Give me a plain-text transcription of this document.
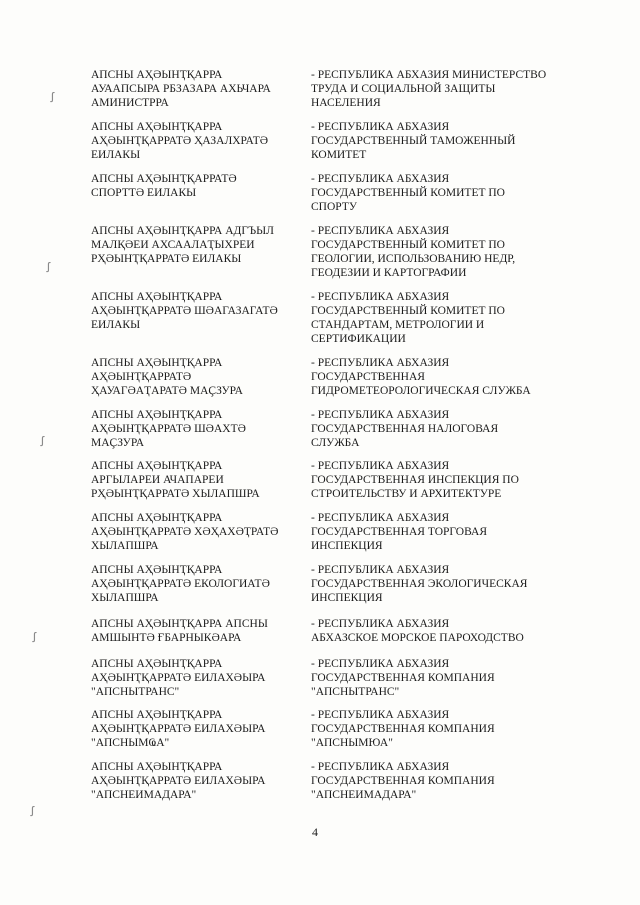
АПСНЫ АҲӘЫНҬҚАРРА
АУААПСЫРА РБЗАЗАРА АХЬЧАРА
АМИНИСТРРА
- РЕСПУБЛИКА АБХАЗИЯ МИНИСТЕРСТВО
ТРУДА И СОЦИАЛЬНОЙ ЗАЩИТЫ
НАСЕЛЕНИЯ
АПСНЫ АҲӘЫНҬҚАРРА
АҲӘЫНҬҚАРРАТӘ ҲАЗАЛХРАТӘ
ЕИЛАКЫ
- РЕСПУБЛИКА АБХАЗИЯ
ГОСУДАРСТВЕННЫЙ ТАМОЖЕННЫЙ
КОМИТЕТ
АПСНЫ АҲӘЫНҬҚАРРАТӘ
СПОРТТӘ ЕИЛАКЫ
- РЕСПУБЛИКА АБХАЗИЯ
ГОСУДАРСТВЕННЫЙ КОМИТЕТ ПО
СПОРТУ
АПСНЫ АҲӘЫНҬҚАРРА АДГЪЫЛ
МАЛҚӘЕИ АХСААЛАҬЫХРЕИ
РҲӘЫНҬҚАРРАТӘ ЕИЛАКЫ
- РЕСПУБЛИКА АБХАЗИЯ
ГОСУДАРСТВЕННЫЙ КОМИТЕТ ПО
ГЕОЛОГИИ, ИСПОЛЬЗОВАНИЮ НЕДР,
ГЕОДЕЗИИ И КАРТОГРАФИИ
АПСНЫ АҲӘЫНҬҚАРРА
АҲӘЫНҬҚАРРАТӘ ШӘАГАЗАГАТӘ
ЕИЛАКЫ
- РЕСПУБЛИКА АБХАЗИЯ
ГОСУДАРСТВЕННЫЙ КОМИТЕТ ПО
СТАНДАРТАМ, МЕТРОЛОГИИ И
СЕРТИФИКАЦИИ
АПСНЫ АҲӘЫНҬҚАРРА
АҲӘЫНҬҚАРРАТӘ
ҲАУАГӘАҬАРАТӘ МАҪЗУРА
- РЕСПУБЛИКА АБХАЗИЯ
ГОСУДАРСТВЕННАЯ
ГИДРОМЕТЕОРОЛОГИЧЕСКАЯ СЛУЖБА
АПСНЫ АҲӘЫНҬҚАРРА
АҲӘЫНҬҚАРРАТӘ ШӘАХТӘ
МАҪЗУРА
- РЕСПУБЛИКА АБХАЗИЯ
ГОСУДАРСТВЕННАЯ НАЛОГОВАЯ
СЛУЖБА
АПСНЫ АҲӘЫНҬҚАРРА
АРГЫЛАРЕИ АЧАПАРЕИ
РҲӘЫНҬҚАРРАТӘ ХЫЛАПШРА
- РЕСПУБЛИКА АБХАЗИЯ
ГОСУДАРСТВЕННАЯ ИНСПЕКЦИЯ ПО
СТРОИТЕЛЬСТВУ И АРХИТЕКТУРЕ
АПСНЫ АҲӘЫНҬҚАРРА
АҲӘЫНҬҚАРРАТӘ ХӘҲАХӘҬРАТӘ
ХЫЛАПШРА
- РЕСПУБЛИКА АБХАЗИЯ
ГОСУДАРСТВЕННАЯ ТОРГОВАЯ
ИНСПЕКЦИЯ
АПСНЫ АҲӘЫНҬҚАРРА
АҲӘЫНҬҚАРРАТӘ ЕКОЛОГИАТӘ
ХЫЛАПШРА
- РЕСПУБЛИКА АБХАЗИЯ
ГОСУДАРСТВЕННАЯ ЭКОЛОГИЧЕСКАЯ
ИНСПЕКЦИЯ
АПСНЫ АҲӘЫНҬҚАРРА АПСНЫ
АМШЫНТӘ ҒБАРНЫКӘАРА
- РЕСПУБЛИКА АБХАЗИЯ
АБХАЗСКОЕ МОРСКОЕ ПАРОХОДСТВО
АПСНЫ АҲӘЫНҬҚАРРА
АҲӘЫНҬҚАРРАТӘ ЕИЛАХӘЫРА
"АПСНЫТРАНС"
- РЕСПУБЛИКА АБХАЗИЯ
ГОСУДАРСТВЕННАЯ КОМПАНИЯ
"АПСНЫТРАНС"
АПСНЫ АҲӘЫНҬҚАРРА
АҲӘЫНҬҚАРРАТӘ ЕИЛАХӘЫРА
"АПСНЫМҨА"
- РЕСПУБЛИКА АБХАЗИЯ
ГОСУДАРСТВЕННАЯ КОМПАНИЯ
"АПСНЫМЮА"
АПСНЫ АҲӘЫНҬҚАРРА
АҲӘЫНҬҚАРРАТӘ ЕИЛАХӘЫРА
"АПСНЕИМАДАРА"
- РЕСПУБЛИКА АБХАЗИЯ
ГОСУДАРСТВЕННАЯ КОМПАНИЯ
"АПСНЕИМАДАРА"
4
ꭍ
ꭍ
ꭍ
ꭍ
ꭍ
